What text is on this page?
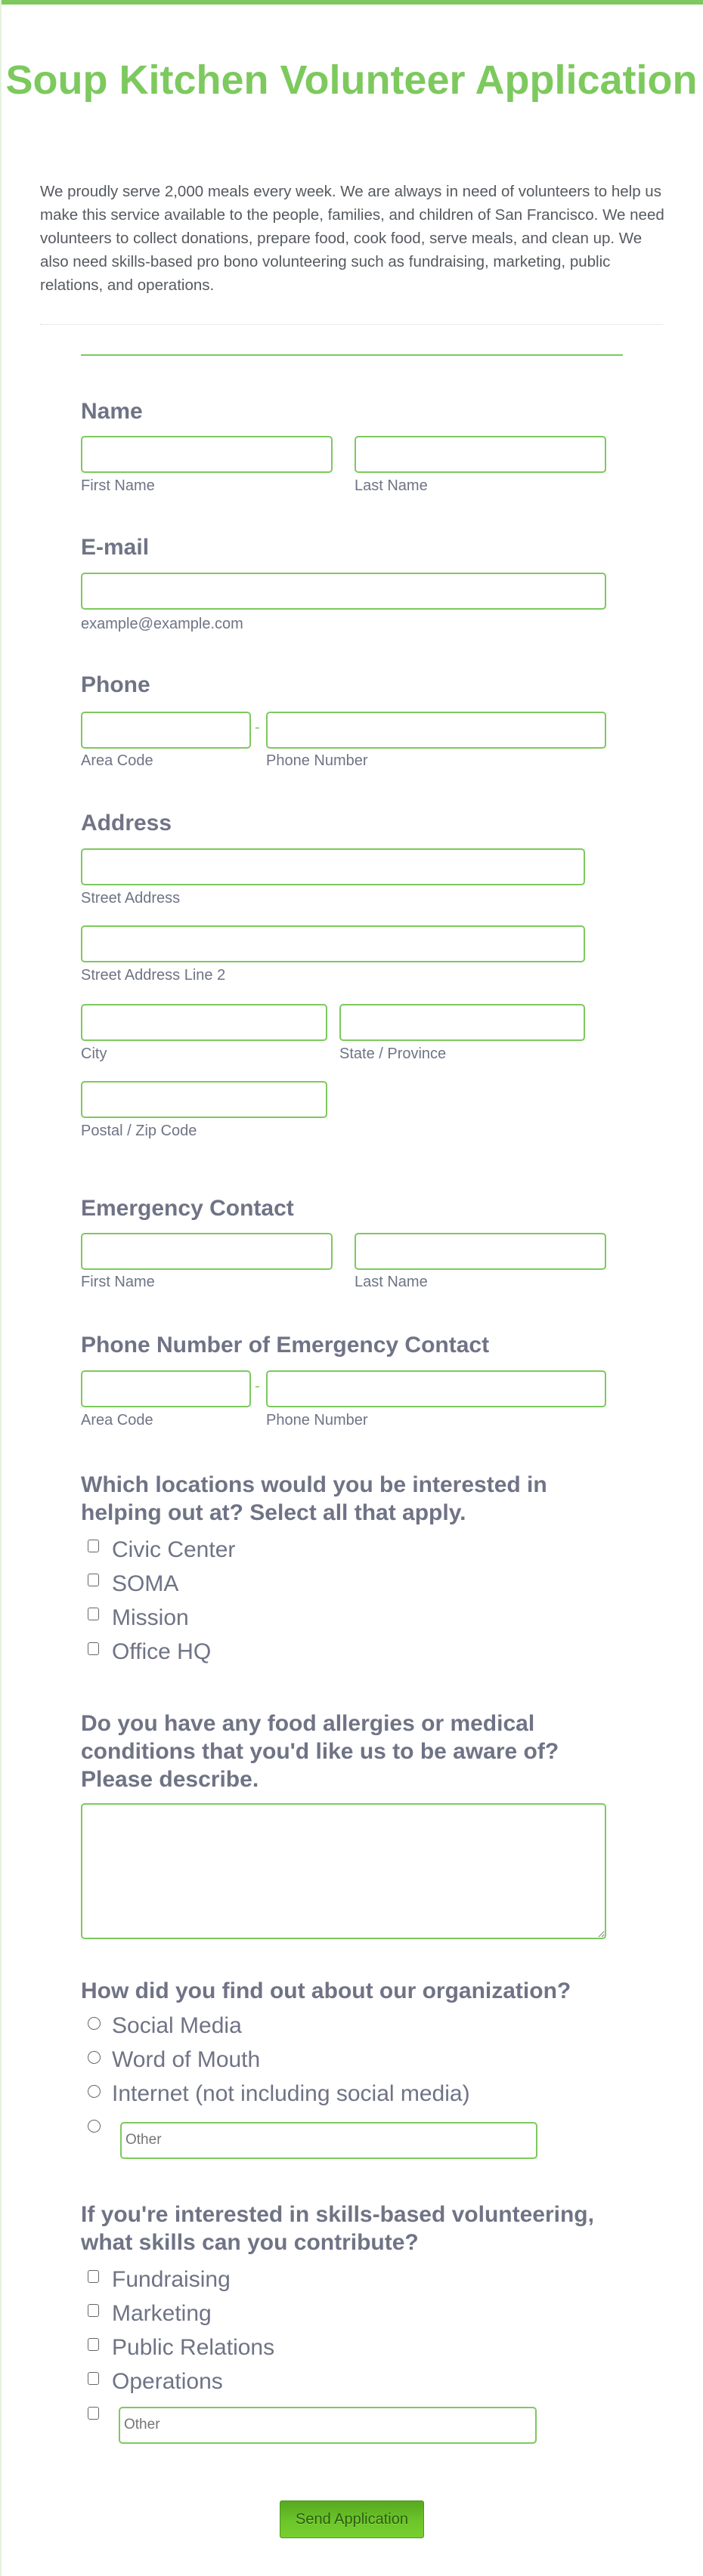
Soup Kitchen Volunteer Application

We proudly serve 2,000 meals every week. We are always in need of volunteers to help us make this service available to the people, families, and children of San Francisco. We need volunteers to collect donations, prepare food, cook food, serve meals, and clean up. We also need skills-based pro bono volunteering such as fundraising, marketing, public relations, and operations.

Name
First Name	Last Name
E-mail
example@example.com
Phone
-
Area Code	Phone Number
Address
Street Address
Street Address Line 2
City	State / Province
Postal / Zip Code
Emergency Contact
First Name	Last Name
Phone Number of Emergency Contact
-
Area Code	Phone Number
Which locations would you be interested in helping out at? Select all that apply.
Civic Center
SOMA
Mission
Office HQ
Do you have any food allergies or medical conditions that you'd like us to be aware of? Please describe.
How did you find out about our organization?
Social Media
Word of Mouth
Internet (not including social media)
Other
If you're interested in skills-based volunteering, what skills can you contribute?
Fundraising
Marketing
Public Relations
Operations
Other
Send Application
